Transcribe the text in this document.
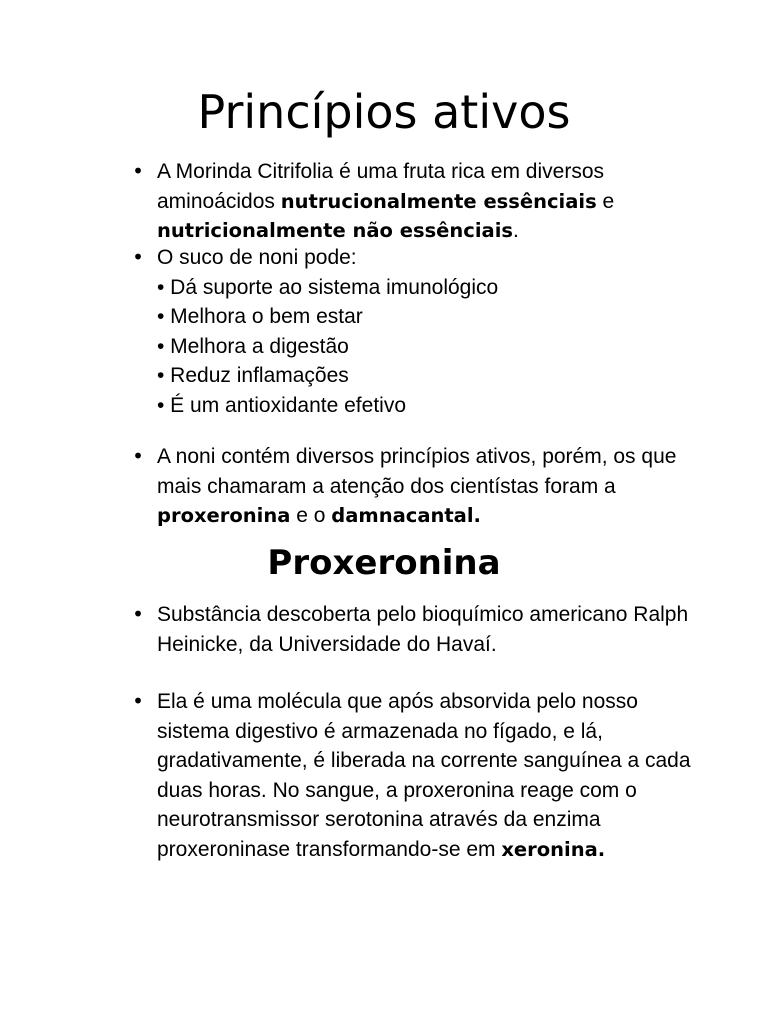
Princípios ativos
• A Morinda Citrifolia é uma fruta rica em diversos aminoácidos nutrucionalmente essênciais e nutricionalmente não essênciais.
• O suco de noni pode:
• Dá suporte ao sistema imunológico
• Melhora o bem estar
• Melhora a digestão
• Reduz inflamações
• É um antioxidante efetivo
• A noni contém diversos princípios ativos, porém, os que mais chamaram a atenção dos cientístas foram a proxeronina e o damnacantal.
Proxeronina
• Substância descoberta pelo bioquímico americano Ralph Heinicke, da Universidade do Havaí.
• Ela é uma molécula que após absorvida pelo nosso sistema digestivo é armazenada no fígado, e lá, gradativamente, é liberada na corrente sanguínea a cada duas horas. No sangue, a proxeronina reage com o neurotransmissor serotonina através da enzima proxeroninase transformando-se em xeronina.
